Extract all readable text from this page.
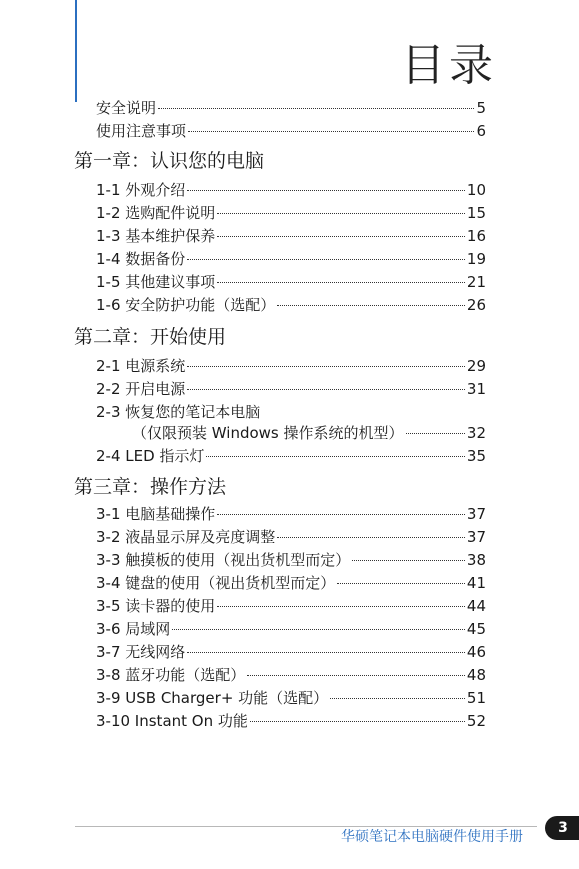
目录
安全说明	5
使用注意事项	6
第一章：认识您的电脑
1-1 外观介绍	10
1-2 选购配件说明	15
1-3 基本维护保养	16
1-4 数据备份	19
1-5 其他建议事项	21
1-6 安全防护功能（选配）	26
第二章：开始使用
2-1 电源系统	29
2-2 开启电源	31
2-3 恢复您的笔记本电脑
（仅限预装 Windows 操作系统的机型）	32
2-4 LED 指示灯	35
第三章：操作方法
3-1 电脑基础操作	37
3-2 液晶显示屏及亮度调整	37
3-3 触摸板的使用（视出货机型而定）	38
3-4 键盘的使用（视出货机型而定）	41
3-5 读卡器的使用	44
3-6 局域网	45
3-7 无线网络	46
3-8 蓝牙功能（选配）	48
3-9 USB Charger+ 功能（选配）	51
3-10 Instant On 功能	52
华硕笔记本电脑硬件使用手册
3
